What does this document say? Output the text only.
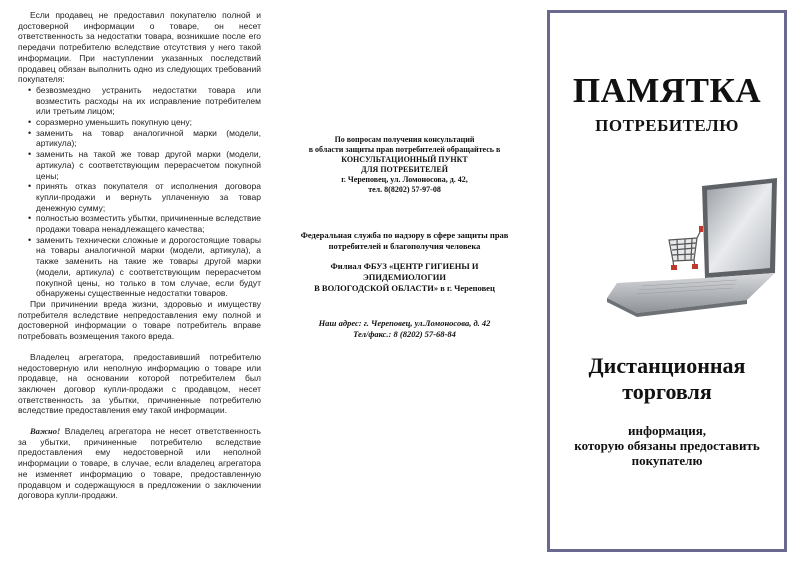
Если продавец не предоставил покупателю полной и достоверной информации о товаре, он несет ответственность за недостатки товара, возникшие после его передачи потребителю вследствие отсутствия у него такой информации. При наступлении указанных последствий продавец обязан выполнить одно из следующих требований покупателя:

• безвозмездно устранить недостатки товара или возместить расходы на их исправление потребителем или третьим лицом;
• соразмерно уменьшить покупную цену;
• заменить на товар аналогичной марки (модели, артикула);
• заменить на такой же товар другой марки (модели, артикула) с соответствующим перерасчетом покупной цены;
• принять отказ покупателя от исполнения договора купли-продажи и вернуть уплаченную за товар денежную сумму;
• полностью возместить убытки, причиненные вследствие продажи товара ненадлежащего качества;
• заменить технически сложные и дорогостоящие товары на товары аналогичной марки (модели, артикула), а также заменить на такие же товары другой марки (модели, артикула) с соответствующим перерасчетом покупной цены, но только в том случае, если будут обнаружены существенные недостатки товаров.

При причинении вреда жизни, здоровью и имуществу потребителя вследствие непредоставления ему полной и достоверной информации о товаре потребитель вправе потребовать возмещения такого вреда.

Владелец агрегатора, предоставивший потребителю недостоверную или неполную информацию о товаре или продавце, на основании которой потребителем был заключен договор купли-продажи с продавцом, несет ответственность за убытки, причиненные потребителю вследствие предоставления ему такой информации.

Важно! Владелец агрегатора не несет ответственность за убытки, причиненные потребителю вследствие предоставления ему недостоверной или неполной информации о товаре, в случае, если владелец агрегатора не изменяет информацию о товаре, предоставленную продавцом и содержащуюся в предложении о заключении договора купли-продажи.

По вопросам получения консультаций
в области защиты прав потребителей обращайтесь в
КОНСУЛЬТАЦИОННЫЙ ПУНКТ
ДЛЯ ПОТРЕБИТЕЛЕЙ
г. Череповец, ул. Ломоносова, д. 42,
тел. 8(8202) 57-97-08
Федеральная служба по надзору в сфере защиты прав
потребителей и благополучия человека
Филиал ФБУЗ «ЦЕНТР ГИГИЕНЫ И
ЭПИДЕМИОЛОГИИ
В ВОЛОГОДСКОЙ ОБЛАСТИ» в г. Череповец
Наш адрес: г. Череповец, ул.Ломоносова, д. 42
Тел/факс.: 8 (8202) 57-68-84
ПАМЯТКА
ПОТРЕБИТЕЛЮ
Дистанционная
торговля
информация,
которую обязаны предоставить
покупателю
